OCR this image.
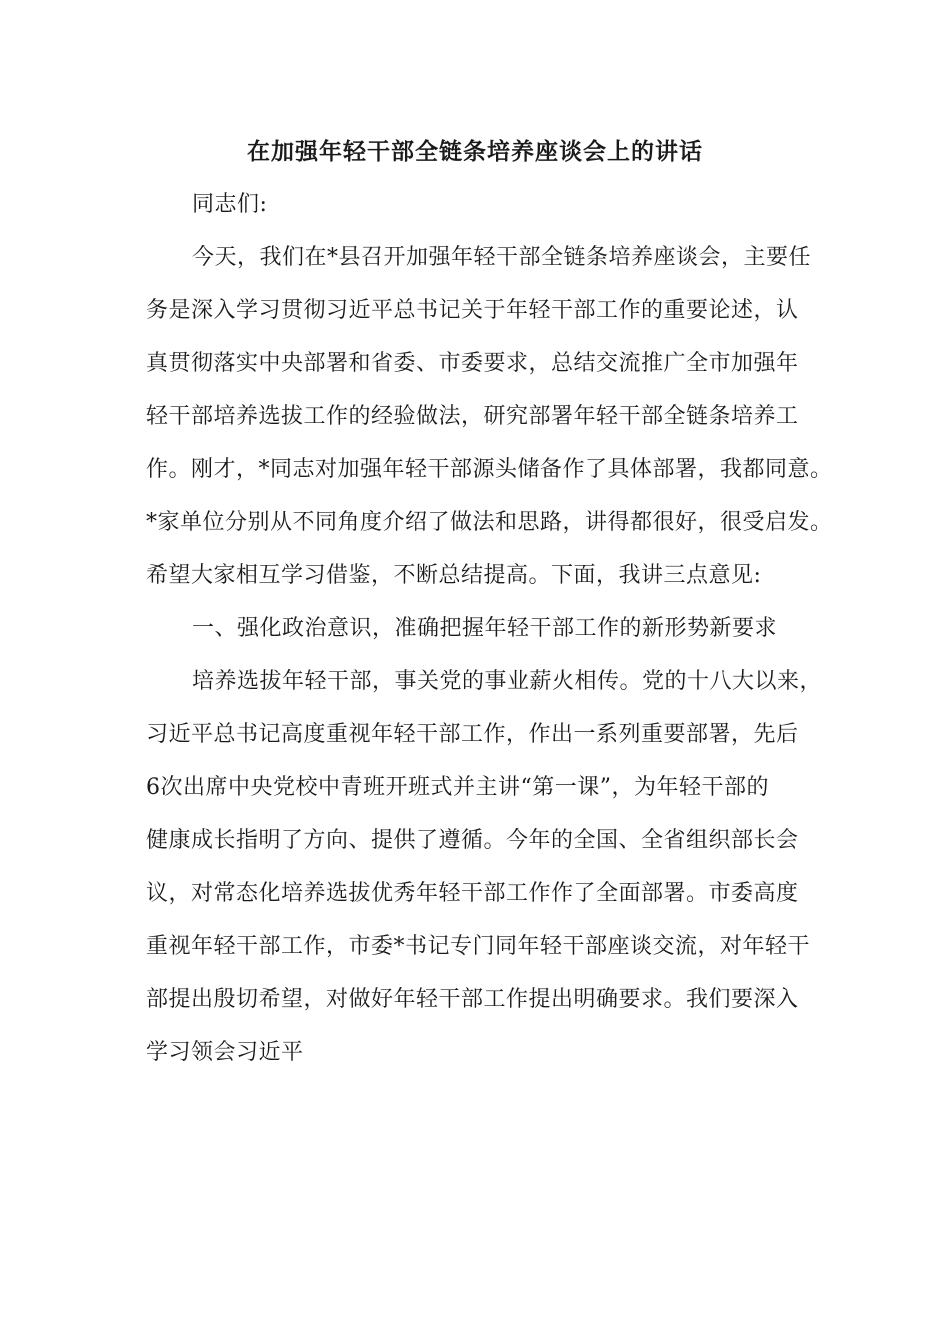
在加强年轻干部全链条培养座谈会上的讲话
同志们:
今天，我们在*县召开加强年轻干部全链条培养座谈会，主要任
务是深入学习贯彻习近平总书记关于年轻干部工作的重要论述，认
真贯彻落实中央部署和省委、市委要求，总结交流推广全市加强年
轻干部培养选拔工作的经验做法，研究部署年轻干部全链条培养工
作。刚才，*同志对加强年轻干部源头储备作了具体部署，我都同意。
*家单位分别从不同角度介绍了做法和思路，讲得都很好，很受启发。
希望大家相互学习借鉴，不断总结提高。下面，我讲三点意见:
一、强化政治意识，准确把握年轻干部工作的新形势新要求
培养选拔年轻干部，事关党的事业薪火相传。党的十八大以来，
习近平总书记高度重视年轻干部工作，作出一系列重要部署，先后
6次出席中央党校中青班开班式并主讲“第一课”，为年轻干部的
健康成长指明了方向、提供了遵循。今年的全国、全省组织部长会
议，对常态化培养选拔优秀年轻干部工作作了全面部署。市委高度
重视年轻干部工作，市委*书记专门同年轻干部座谈交流，对年轻干
部提出殷切希望，对做好年轻干部工作提出明确要求。我们要深入
学习领会习近平
